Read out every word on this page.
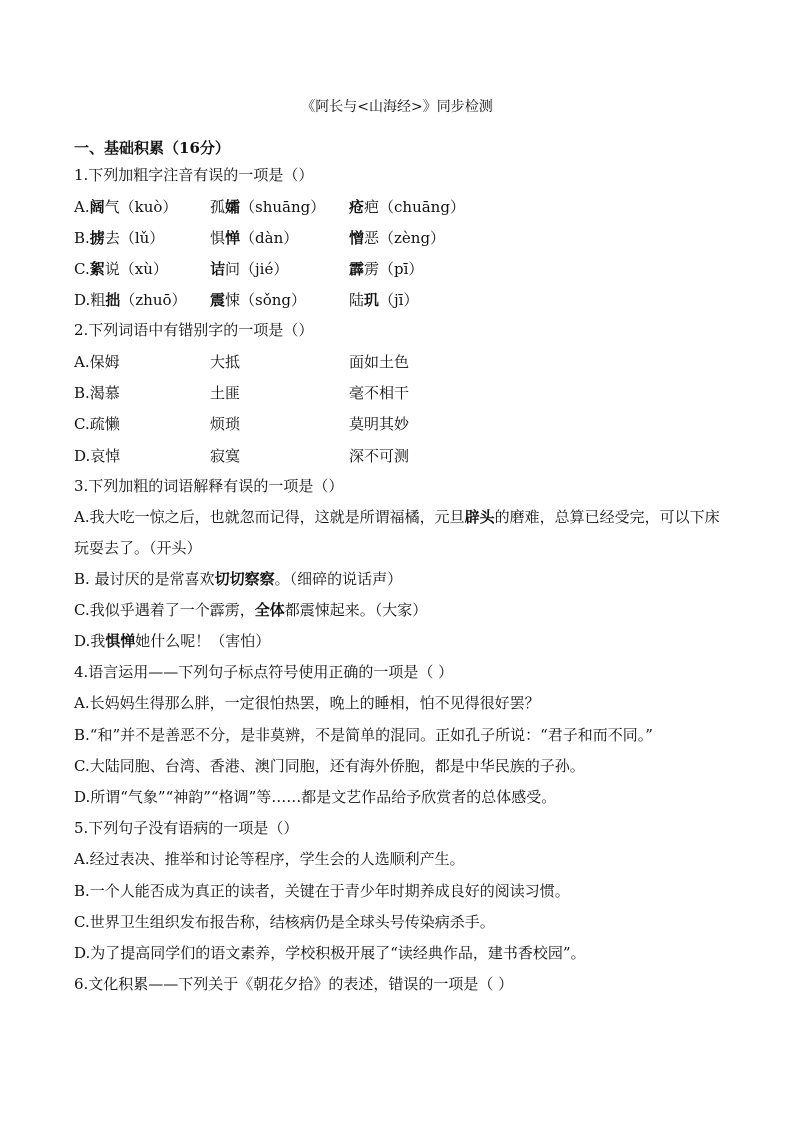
《阿长与<山海经>》同步检测
一、基础积累（16分）
1.下列加粗字注音有误的一项是（）
A.阔气（kuò） 孤孀（shuāng） 疮疤（chuāng）
B.掳去（lǔ）	惧惮（dàn）	憎恶（zèng）
C.絮说（xù）	诘问（jié）	霹雳（pī）
D.粗拙（zhuō） 震悚（sǒng）	陆玑（jī）
2.下列词语中有错别字的一项是（）
A.保姆	大抵	面如土色
B.渴慕	土匪	毫不相干
C.疏懒	烦琐	莫明其妙
D.哀悼	寂寞	深不可测
3.下列加粗的词语解释有误的一项是（）
A.我大吃一惊之后，也就忽而记得，这就是所谓福橘，元旦辟头的磨难，总算已经受完，可以下床玩耍去了。（开头）
B. 最讨厌的是常喜欢切切察察。（细碎的说话声）
C.我似乎遇着了一个霹雳，全体都震悚起来。（大家）
D.我惧惮她什么呢！（害怕）
4.语言运用——下列句子标点符号使用正确的一项是（ ）
A.长妈妈生得那么胖，一定很怕热罢，晚上的睡相，怕不见得很好罢？
B.“和”并不是善恶不分，是非莫辨，不是简单的混同。正如孔子所说：“君子和而不同。”
C.大陆同胞、台湾、香港、澳门同胞，还有海外侨胞，都是中华民族的子孙。
D.所谓“气象”“神韵”“格调”等……都是文艺作品给予欣赏者的总体感受。
5.下列句子没有语病的一项是（）
A.经过表决、推举和讨论等程序，学生会的人选顺利产生。
B.一个人能否成为真正的读者，关键在于青少年时期养成良好的阅读习惯。
C.世界卫生组织发布报告称，结核病仍是全球头号传染病杀手。
D.为了提高同学们的语文素养，学校积极开展了“读经典作品，建书香校园”。
6.文化积累——下列关于《朝花夕拾》的表述，错误的一项是（ ）
